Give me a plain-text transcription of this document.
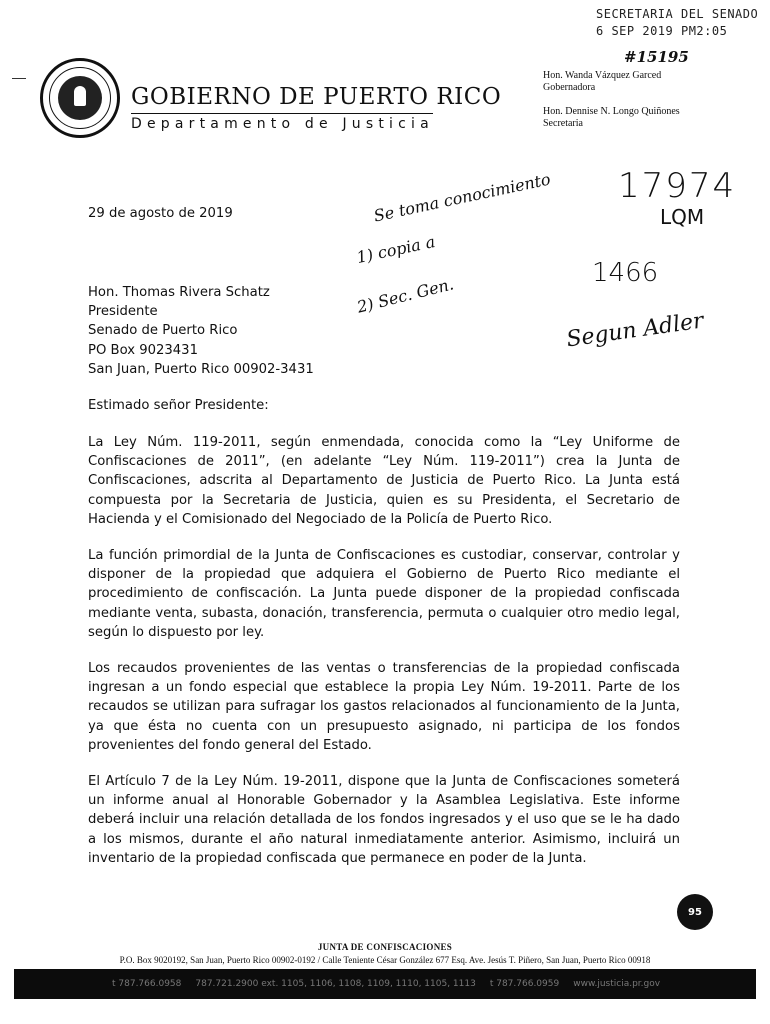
GOBIERNO DE PUERTO RICO
Departamento de Justicia
Hon. Wanda Vázquez Garced
Gobernadora
Hon. Dennise N. Longo Quiñones
Secretaria
SECRETARIA DEL SENADO
6 SEP 2019 PM2:05
#15195
17974
LQM
1466
Segun Adler
Se toma conocimiento
1) copia a
2) Sec. Gen.
29 de agosto de 2019
Hon. Thomas Rivera Schatz
Presidente
Senado de Puerto Rico
PO Box 9023431
San Juan, Puerto Rico 00902-3431
Estimado señor Presidente:
La Ley Núm. 119-2011, según enmendada, conocida como la “Ley Uniforme de Confiscaciones de 2011”, (en adelante “Ley Núm. 119-2011”) crea la Junta de Confiscaciones, adscrita al Departamento de Justicia de Puerto Rico. La Junta está compuesta por la Secretaria de Justicia, quien es su Presidenta, el Secretario de Hacienda y el Comisionado del Negociado de la Policía de Puerto Rico.
La función primordial de la Junta de Confiscaciones es custodiar, conservar, controlar y disponer de la propiedad que adquiera el Gobierno de Puerto Rico mediante el procedimiento de confiscación. La Junta puede disponer de la propiedad confiscada mediante venta, subasta, donación, transferencia, permuta o cualquier otro medio legal, según lo dispuesto por ley.
Los recaudos provenientes de las ventas o transferencias de la propiedad confiscada ingresan a un fondo especial que establece la propia Ley Núm. 19-2011. Parte de los recaudos se utilizan para sufragar los gastos relacionados al funcionamiento de la Junta, ya que ésta no cuenta con un presupuesto asignado, ni participa de los fondos provenientes del fondo general del Estado.
El Artículo 7 de la Ley Núm. 19-2011, dispone que la Junta de Confiscaciones someterá un informe anual al Honorable Gobernador y la Asamblea Legislativa. Este informe deberá incluir una relación detallada de los fondos ingresados y el uso que se le ha dado a los mismos, durante el año natural inmediatamente anterior. Asimismo, incluirá un inventario de la propiedad confiscada que permanece en poder de la Junta.
95
JUNTA DE CONFISCACIONES
P.O. Box 9020192, San Juan, Puerto Rico 00902-0192 / Calle Teniente César González 677 Esq. Ave. Jesús T. Piñero, San Juan, Puerto Rico 00918
t 787.766.0958 787.721.2900 ext. 1105, 1106, 1108, 1109, 1110, 1105, 1113 t 787.766.0959 www.justicia.pr.gov
